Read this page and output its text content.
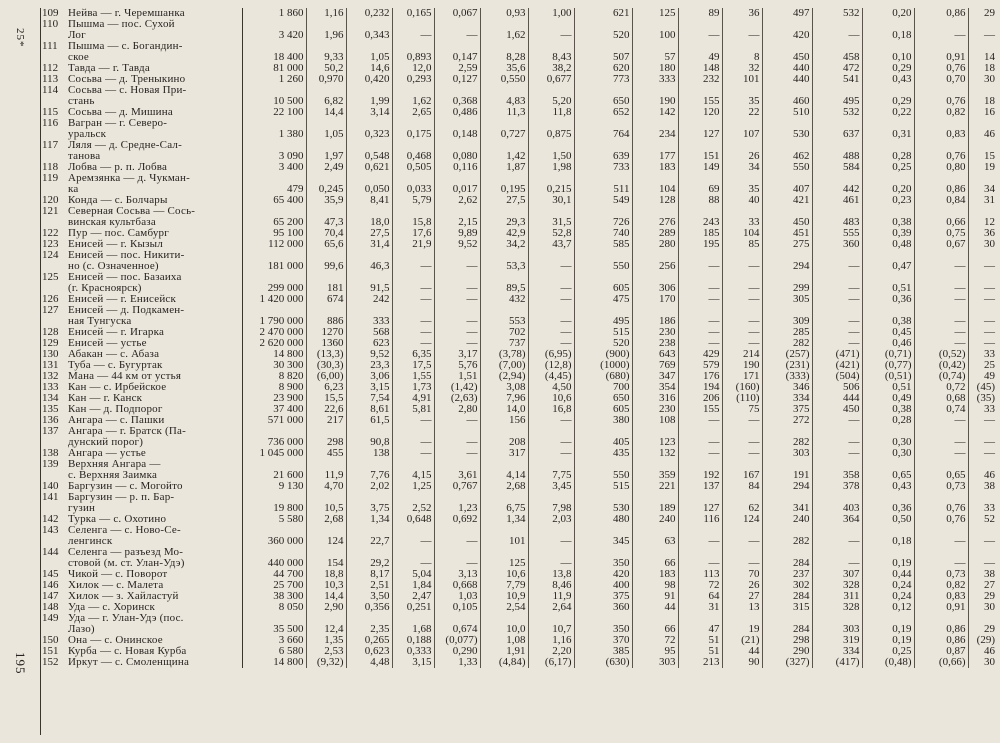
25*
195
109	Нейва — г. Черемшанка	1 860	1,16	0,232	0,165	0,067	0,93	1,00	621	125	89	36	497	532	0,20	0,86	29
110	Пышма — пос. Сухой	3 420	1,96	0,343	—	—	1,62	—	520	100	—	—	420	—	0,18	—	—
	Лог																
111	Пышма — с. Богандин-	18 400	9,33	1,05	0,893	0,147	8,28	8,43	507	57	49	8	450	458	0,10	0,91	14
	ское																
112	Тавда — г. Тавда	81 000	50,2	14,6	12,0	2,59	35,6	38,2	620	180	148	32	440	472	0,29	0,76	18
113	Сосьва — д. Треныкино	1 260	0,970	0,420	0,293	0,127	0,550	0,677	773	333	232	101	440	541	0,43	0,70	30
114	Сосьва — с. Новая При-	10 500	6,82	1,99	1,62	0,368	4,83	5,20	650	190	155	35	460	495	0,29	0,76	18
	стань																
115	Сосьва — д. Мишина	22 100	14,4	3,14	2,65	0,486	11,3	11,8	652	142	120	22	510	532	0,22	0,82	16
116	Вагран — г. Северо-	1 380	1,05	0,323	0,175	0,148	0,727	0,875	764	234	127	107	530	637	0,31	0,83	46
	уральск																
117	Ляля — д. Средне-Сал-	3 090	1,97	0,548	0,468	0,080	1,42	1,50	639	177	151	26	462	488	0,28	0,76	15
	танова																
118	Лобва — р. п. Лобва	3 400	2,49	0,621	0,505	0,116	1,87	1,98	733	183	149	34	550	584	0,25	0,80	19
119	Аремзянка — д. Чукман-	479	0,245	0,050	0,033	0,017	0,195	0,215	511	104	69	35	407	442	0,20	0,86	34
	ка																
120	Конда — с. Болчары	65 400	35,9	8,41	5,79	2,62	27,5	30,1	549	128	88	40	421	461	0,23	0,84	31
121	Северная Сосьва — Сось-	65 200	47,3	18,0	15,8	2,15	29,3	31,5	726	276	243	33	450	483	0,38	0,66	12
	винская культбаза																
122	Пур — пос. Самбург	95 100	70,4	27,5	17,6	9,89	42,9	52,8	740	289	185	104	451	555	0,39	0,75	36
123	Енисей — г. Кызыл	112 000	65,6	31,4	21,9	9,52	34,2	43,7	585	280	195	85	275	360	0,48	0,67	30
124	Енисей — пос. Никити-	181 000	99,6	46,3	—	—	53,3	—	550	256	—	—	294	—	0,47	—	—
	но (с. Означенное)																
125	Енисей — пос. Базаиха	299 000	181	91,5	—	—	89,5	—	605	306	—	—	299	—	0,51	—	—
	(г. Красноярск)																
126	Енисей — г. Енисейск	1 420 000	674	242	—	—	432	—	475	170	—	—	305	—	0,36	—	—
127	Енисей — д. Подкамен-	1 790 000	886	333	—	—	553	—	495	186	—	—	309	—	0,38	—	—
	ная Тунгуска																
128	Енисей — г. Игарка	2 470 000	1270	568	—	—	702	—	515	230	—	—	285	—	0,45	—	—
129	Енисей — устье	2 620 000	1360	623	—	—	737	—	520	238	—	—	282	—	0,46	—	—
130	Абакан — с. Абаза	14 800	(13,3)	9,52	6,35	3,17	(3,78)	(6,95)	(900)	643	429	214	(257)	(471)	(0,71)	(0,52)	33
131	Туба — с. Бугуртак	30 300	(30,3)	23,3	17,5	5,76	(7,00)	(12,8)	(1000)	769	579	190	(231)	(421)	(0,77)	(0,42)	25
132	Мана — 44 км от устья	8 820	(6,00)	3,06	1,55	1,51	(2,94)	(4,45)	(680)	347	176	171	(333)	(504)	(0,51)	(0,74)	49
133	Кан — с. Ирбейское	8 900	6,23	3,15	1,73	(1,42)	3,08	4,50	700	354	194	(160)	346	506	0,51	0,72	(45)
134	Кан — г. Канск	23 900	15,5	7,54	4,91	(2,63)	7,96	10,6	650	316	206	(110)	334	444	0,49	0,68	(35)
135	Кан — д. Подпорог	37 400	22,6	8,61	5,81	2,80	14,0	16,8	605	230	155	75	375	450	0,38	0,74	33
136	Ангара — с. Пашки	571 000	217	61,5	—	—	156	—	380	108	—	—	272	—	0,28	—	—
137	Ангара — г. Братск (Па-	736 000	298	90,8	—	—	208	—	405	123	—	—	282	—	0,30	—	—
	дунский порог)																
138	Ангара — устье	1 045 000	455	138	—	—	317	—	435	132	—	—	303	—	0,30	—	—
139	Верхняя Ангара —	21 600	11,9	7,76	4,15	3,61	4,14	7,75	550	359	192	167	191	358	0,65	0,65	46
	с. Верхняя Заимка																
140	Баргузин — с. Могойто	9 130	4,70	2,02	1,25	0,767	2,68	3,45	515	221	137	84	294	378	0,43	0,73	38
141	Баргузин — р. п. Бар-	19 800	10,5	3,75	2,52	1,23	6,75	7,98	530	189	127	62	341	403	0,36	0,76	33
	гузин																
142	Турка — с. Охотино	5 580	2,68	1,34	0,648	0,692	1,34	2,03	480	240	116	124	240	364	0,50	0,76	52
143	Селенга — с. Ново-Се-	360 000	124	22,7	—	—	101	—	345	63	—	—	282	—	0,18	—	—
	ленгинск																
144	Селенга — разъезд Мо-	440 000	154	29,2	—	—	125	—	350	66	—	—	284	—	0,19	—	—
	стовой (м. ст. Улан-Удэ)																
145	Чикой — с. Поворот	44 700	18,8	8,17	5,04	3,13	10,6	13,8	420	183	113	70	237	307	0,44	0,73	38
146	Хилок — с. Малета	25 700	10,3	2,51	1,84	0,668	7,79	8,46	400	98	72	26	302	328	0,24	0,82	27
147	Хилок — з. Хайластуй	38 300	14,4	3,50	2,47	1,03	10,9	11,9	375	91	64	27	284	311	0,24	0,83	29
148	Уда — с. Хоринск	8 050	2,90	0,356	0,251	0,105	2,54	2,64	360	44	31	13	315	328	0,12	0,91	30
149	Уда — г. Улан-Удэ (пос.	35 500	12,4	2,35	1,68	0,674	10,0	10,7	350	66	47	19	284	303	0,19	0,86	29
	Лазо)																
150	Она — с. Онинское	3 660	1,35	0,265	0,188	(0,077)	1,08	1,16	370	72	51	(21)	298	319	0,19	0,86	(29)
151	Курба — с. Новая Курба	6 580	2,53	0,623	0,333	0,290	1,91	2,20	385	95	51	44	290	334	0,25	0,87	46
152	Иркут — с. Смоленщина	14 800	(9,32)	4,48	3,15	1,33	(4,84)	(6,17)	(630)	303	213	90	(327)	(417)	(0,48)	(0,66)	30
